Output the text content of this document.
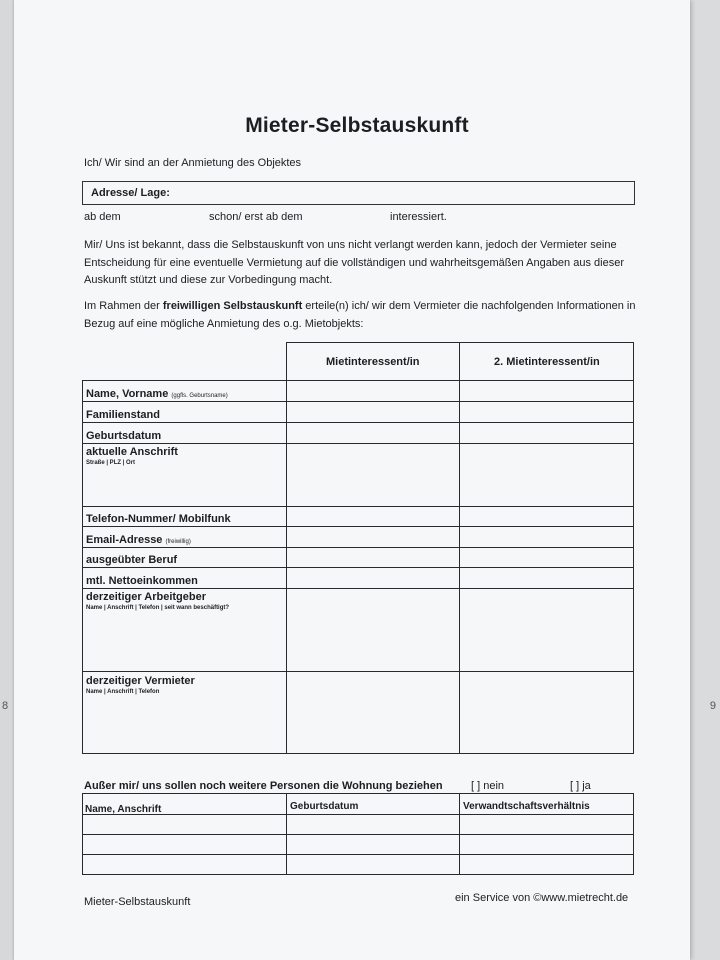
8	9
Mieter-Selbstauskunft
Ich/ Wir sind an der Anmietung des Objektes
Adresse/ Lage:
ab dem	schon/ erst ab dem	interessiert.
Mir/ Uns ist bekannt, dass die Selbstauskunft von uns nicht verlangt werden kann, jedoch der Vermieter seine Entscheidung für eine eventuelle Vermietung auf die vollständigen und wahrheitsgemäßen Angaben aus dieser Auskunft stützt und diese zur Vorbedingung macht.
Im Rahmen der freiwilligen Selbstauskunft erteile(n) ich/ wir dem Vermieter die nachfolgenden Informationen in Bezug auf eine mögliche Anmietung des o.g. Mietobjekts:
Mietinteressent/in	2. Mietinteressent/in
Name, Vorname (ggfls. Geburtsname)
Familienstand
Geburtsdatum
aktuelle Anschrift
Straße | PLZ | Ort
Telefon-Nummer/ Mobilfunk
Email-Adresse (freiwillig)
ausgeübter Beruf
mtl. Nettoeinkommen
derzeitiger Arbeitgeber
Name | Anschrift | Telefon | seit wann beschäftigt?
derzeitiger Vermieter
Name | Anschrift | Telefon
Außer mir/ uns sollen noch weitere Personen die Wohnung beziehen	[ ] nein	[ ] ja
Name, Anschrift	Geburtsdatum	Verwandtschaftsverhältnis
Mieter-Selbstauskunft	ein Service von ©www.mietrecht.de
